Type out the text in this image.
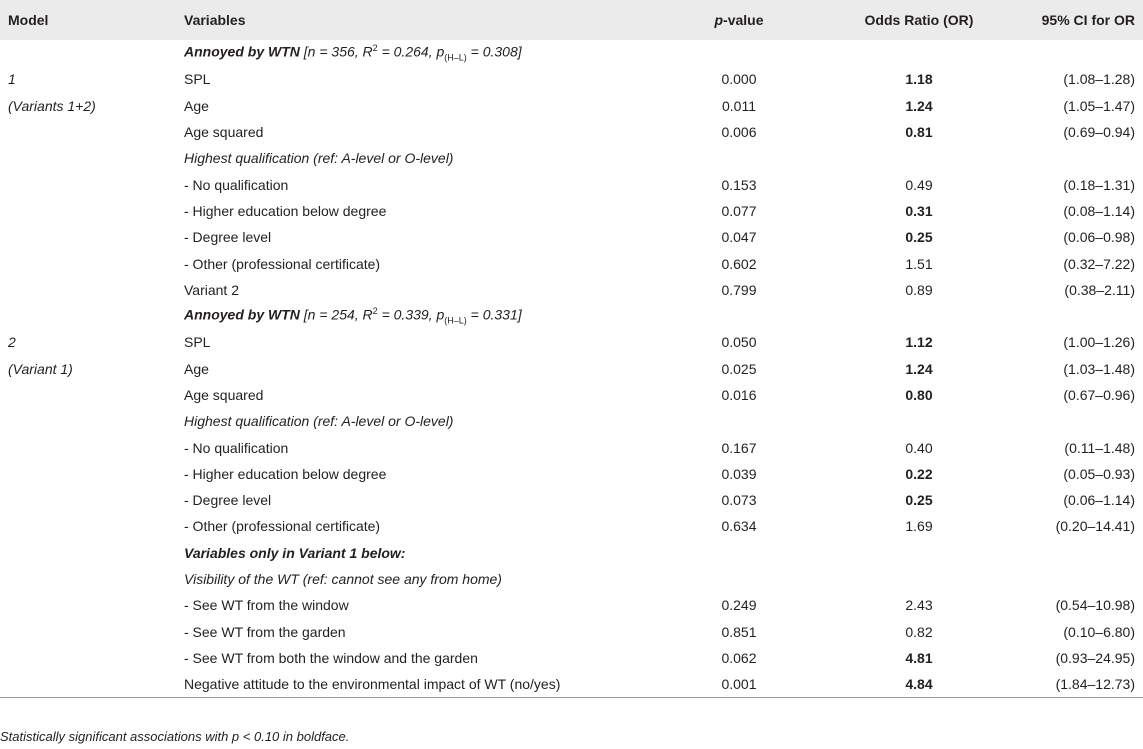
Model	Variables	p-value	Odds Ratio (OR)	95% CI for OR
	Annoyed by WTN [n = 356, $R^2 = 0.264$, $p_{(H-L)} = 0.308$]			
1	SPL	0.000	1.18	(1.08–1.28)
(Variants 1+2)	Age	0.011	1.24	(1.05–1.47)
	Age squared	0.006	0.81	(0.69–0.94)
	Highest qualification (ref: A-level or O-level)			
	- No qualification	0.153	0.49	(0.18–1.31)
	- Higher education below degree	0.077	0.31	(0.08–1.14)
	- Degree level	0.047	0.25	(0.06–0.98)
	- Other (professional certificate)	0.602	1.51	(0.32–7.22)
	Variant 2	0.799	0.89	(0.38–2.11)
	Annoyed by WTN [n = 254, $R^2 = 0.339$, $p_{(H-L)} = 0.331$]			
2	SPL	0.050	1.12	(1.00–1.26)
(Variant 1)	Age	0.025	1.24	(1.03–1.48)
	Age squared	0.016	0.80	(0.67–0.96)
	Highest qualification (ref: A-level or O-level)			
	- No qualification	0.167	0.40	(0.11–1.48)
	- Higher education below degree	0.039	0.22	(0.05–0.93)
	- Degree level	0.073	0.25	(0.06–1.14)
	- Other (professional certificate)	0.634	1.69	(0.20–14.41)
	Variables only in Variant 1 below:			
	Visibility of the WT (ref: cannot see any from home)			
	- See WT from the window	0.249	2.43	(0.54–10.98)
	- See WT from the garden	0.851	0.82	(0.10–6.80)
	- See WT from both the window and the garden	0.062	4.81	(0.93–24.95)
	Negative attitude to the environmental impact of WT (no/yes)	0.001	4.84	(1.84–12.73)
Statistically significant associations with p < 0.10 in boldface.
